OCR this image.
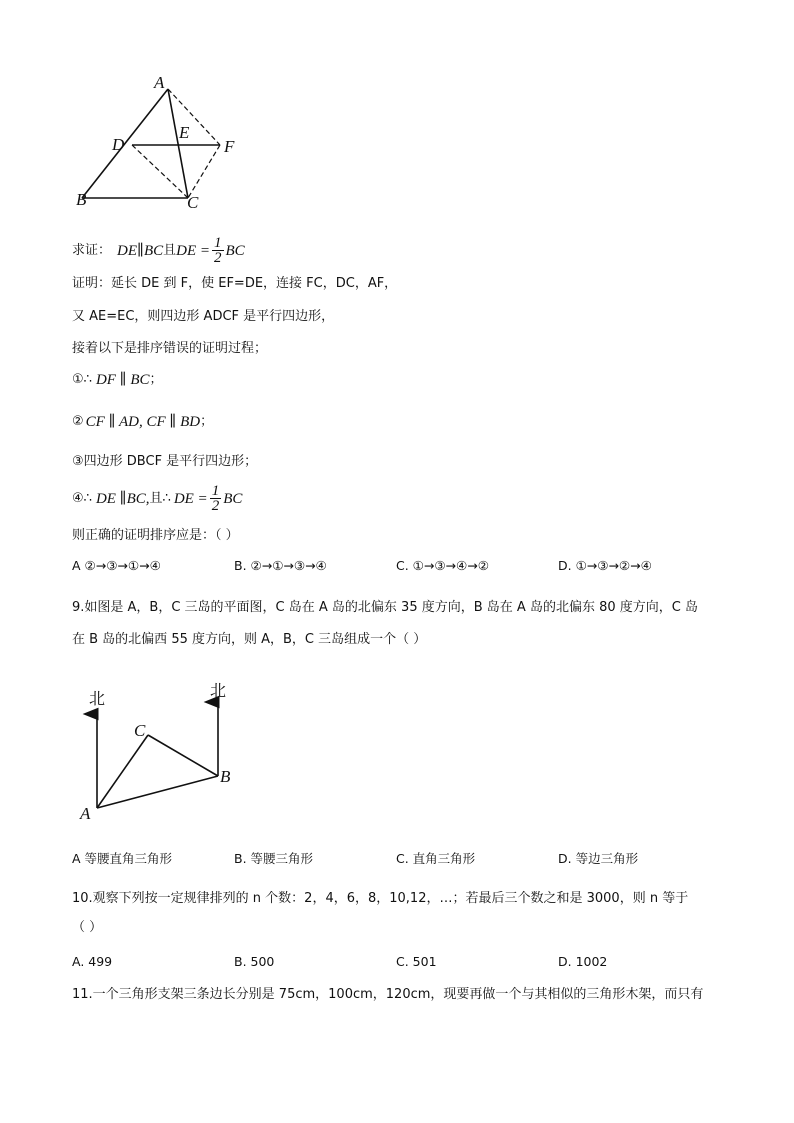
A
D
E
F
B	C
求证： DE∥BC 且 DE = $\frac{1}{2}$ BC
证明：延长 DE 到 F，使 EF=DE，连接 FC，DC，AF，
又 AE=EC，则四边形 ADCF 是平行四边形，
接着以下是排序错误的证明过程；
①∴ DF ∥ BC ；
② CF ∥ AD, CF ∥ BD ；
③四边形 DBCF 是平行四边形；
④∴ DE ∥BC, 且∴ DE = $\frac{1}{2}$ BC
则正确的证明排序应是：（ ）
A ②→③→①→④	B. ②→①→③→④	C. ①→③→④→②	D. ①→③→②→④
9.如图是 A，B，C 三岛的平面图，C 岛在 A 岛的北偏东 35 度方向，B 岛在 A 岛的北偏东 80 度方向，C 岛
在 B 岛的北偏西 55 度方向，则 A，B，C 三岛组成一个（ ）
北	北
C
B
A
A 等腰直角三角形	B. 等腰三角形	C. 直角三角形	D. 等边三角形
10.观察下列按一定规律排列的 n 个数：2，4，6，8，10,12，…；若最后三个数之和是 3000，则 n 等于
（ ）
A. 499	B. 500	C. 501	D. 1002
11.一个三角形支架三条边长分别是 75cm，100cm，120cm，现要再做一个与其相似的三角形木架，而只有
